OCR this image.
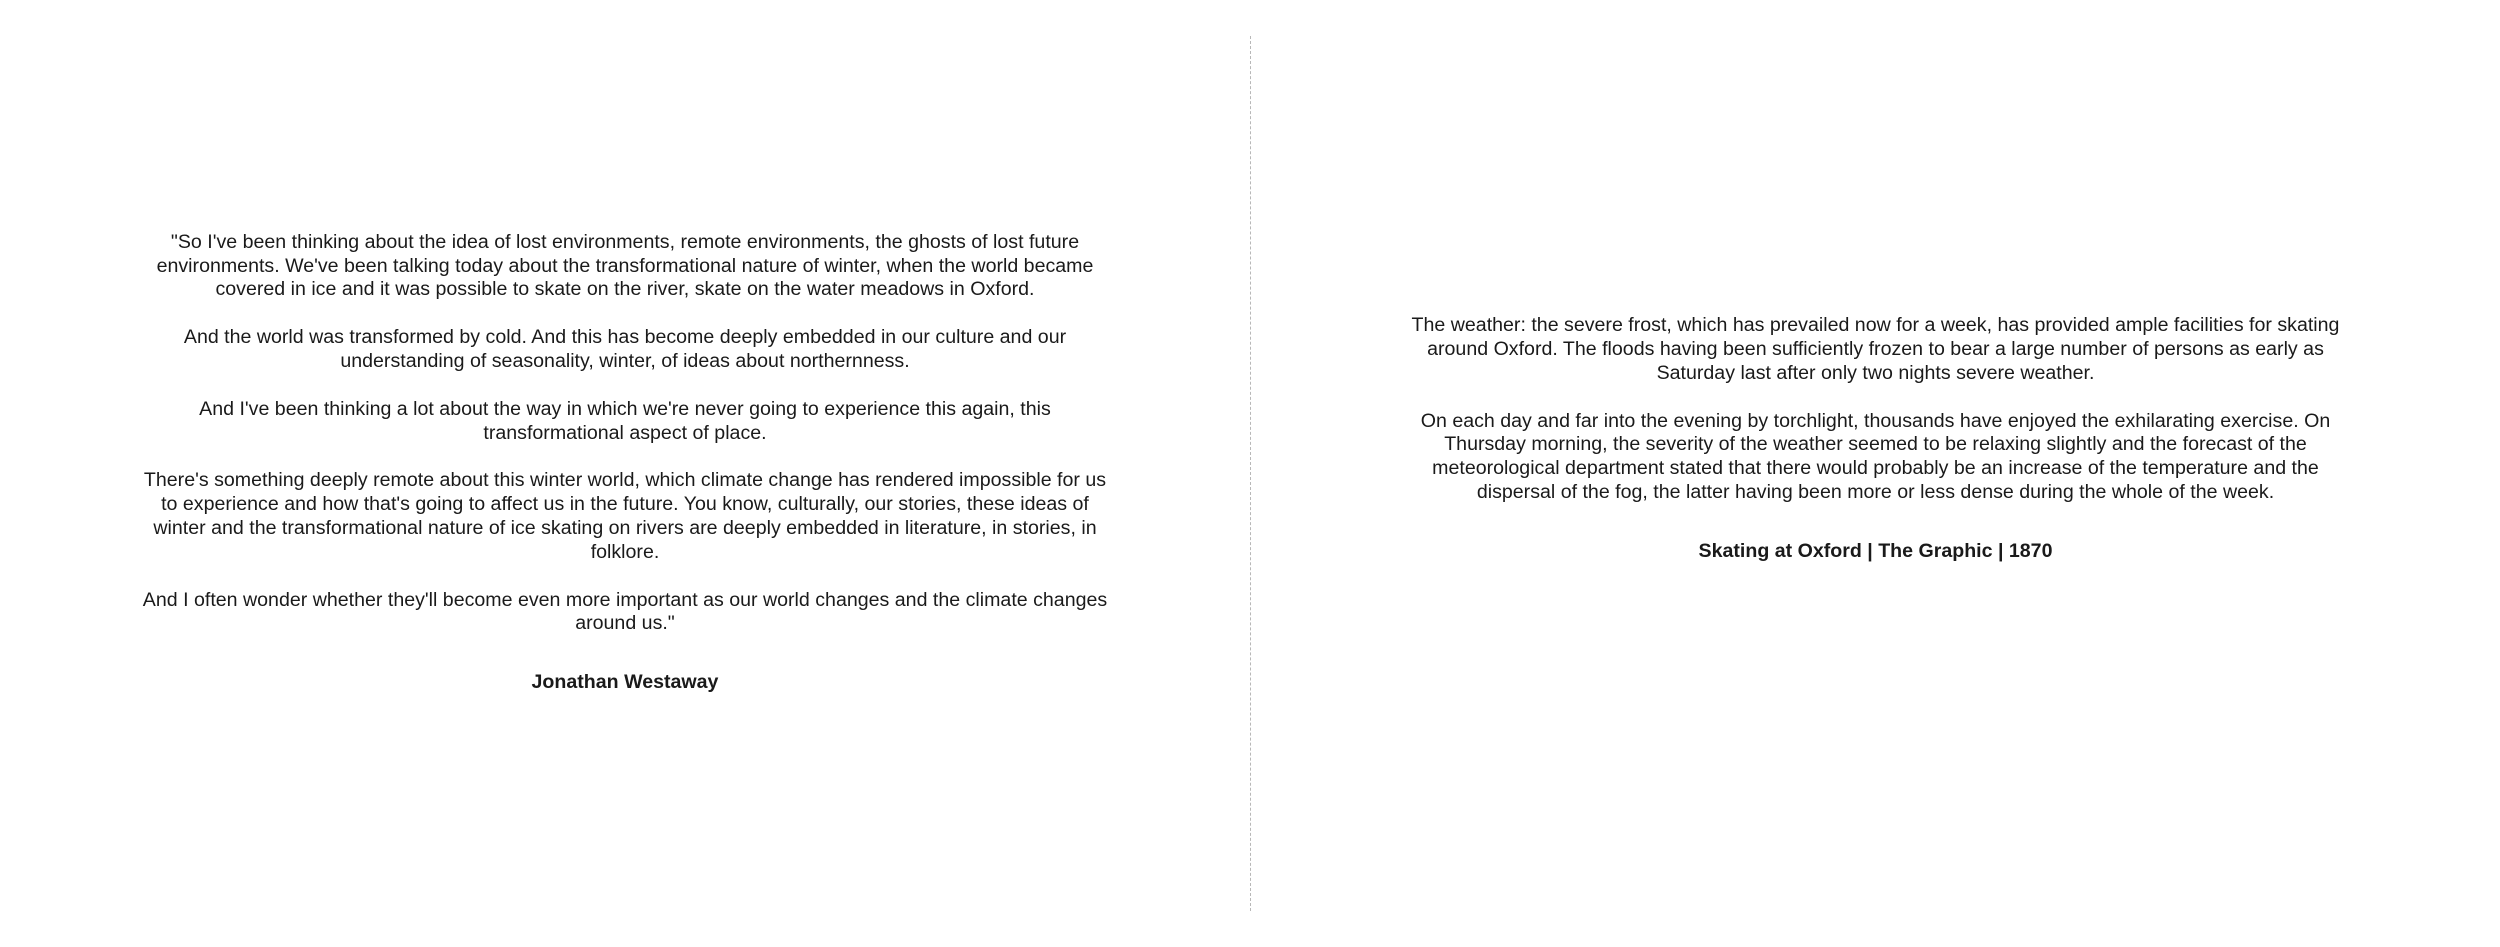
"So I've been thinking about the idea of lost environments, remote environments, the ghosts of lost future environments. We've been talking today about the transformational nature of winter, when the world became covered in ice and it was possible to skate on the river, skate on the water meadows in Oxford.

And the world was transformed by cold. And this has become deeply embedded in our culture and our understanding of seasonality, winter, of ideas about northernness.

And I've been thinking a lot about the way in which we're never going to experience this again, this transformational aspect of place.

There's something deeply remote about this winter world, which climate change has rendered impossible for us to experience and how that's going to affect us in the future. You know, culturally, our stories, these ideas of winter and the transformational nature of ice skating on rivers are deeply embedded in literature, in stories, in folklore.

And I often wonder whether they'll become even more important as our world changes and the climate changes around us."

Jonathan Westaway

The weather: the severe frost, which has prevailed now for a week, has provided ample facilities for skating around Oxford. The floods having been sufficiently frozen to bear a large number of persons as early as Saturday last after only two nights severe weather.

On each day and far into the evening by torchlight, thousands have enjoyed the exhilarating exercise. On Thursday morning, the severity of the weather seemed to be relaxing slightly and the forecast of the meteorological department stated that there would probably be an increase of the temperature and the dispersal of the fog, the latter having been more or less dense during the whole of the week.

Skating at Oxford | The Graphic | 1870
